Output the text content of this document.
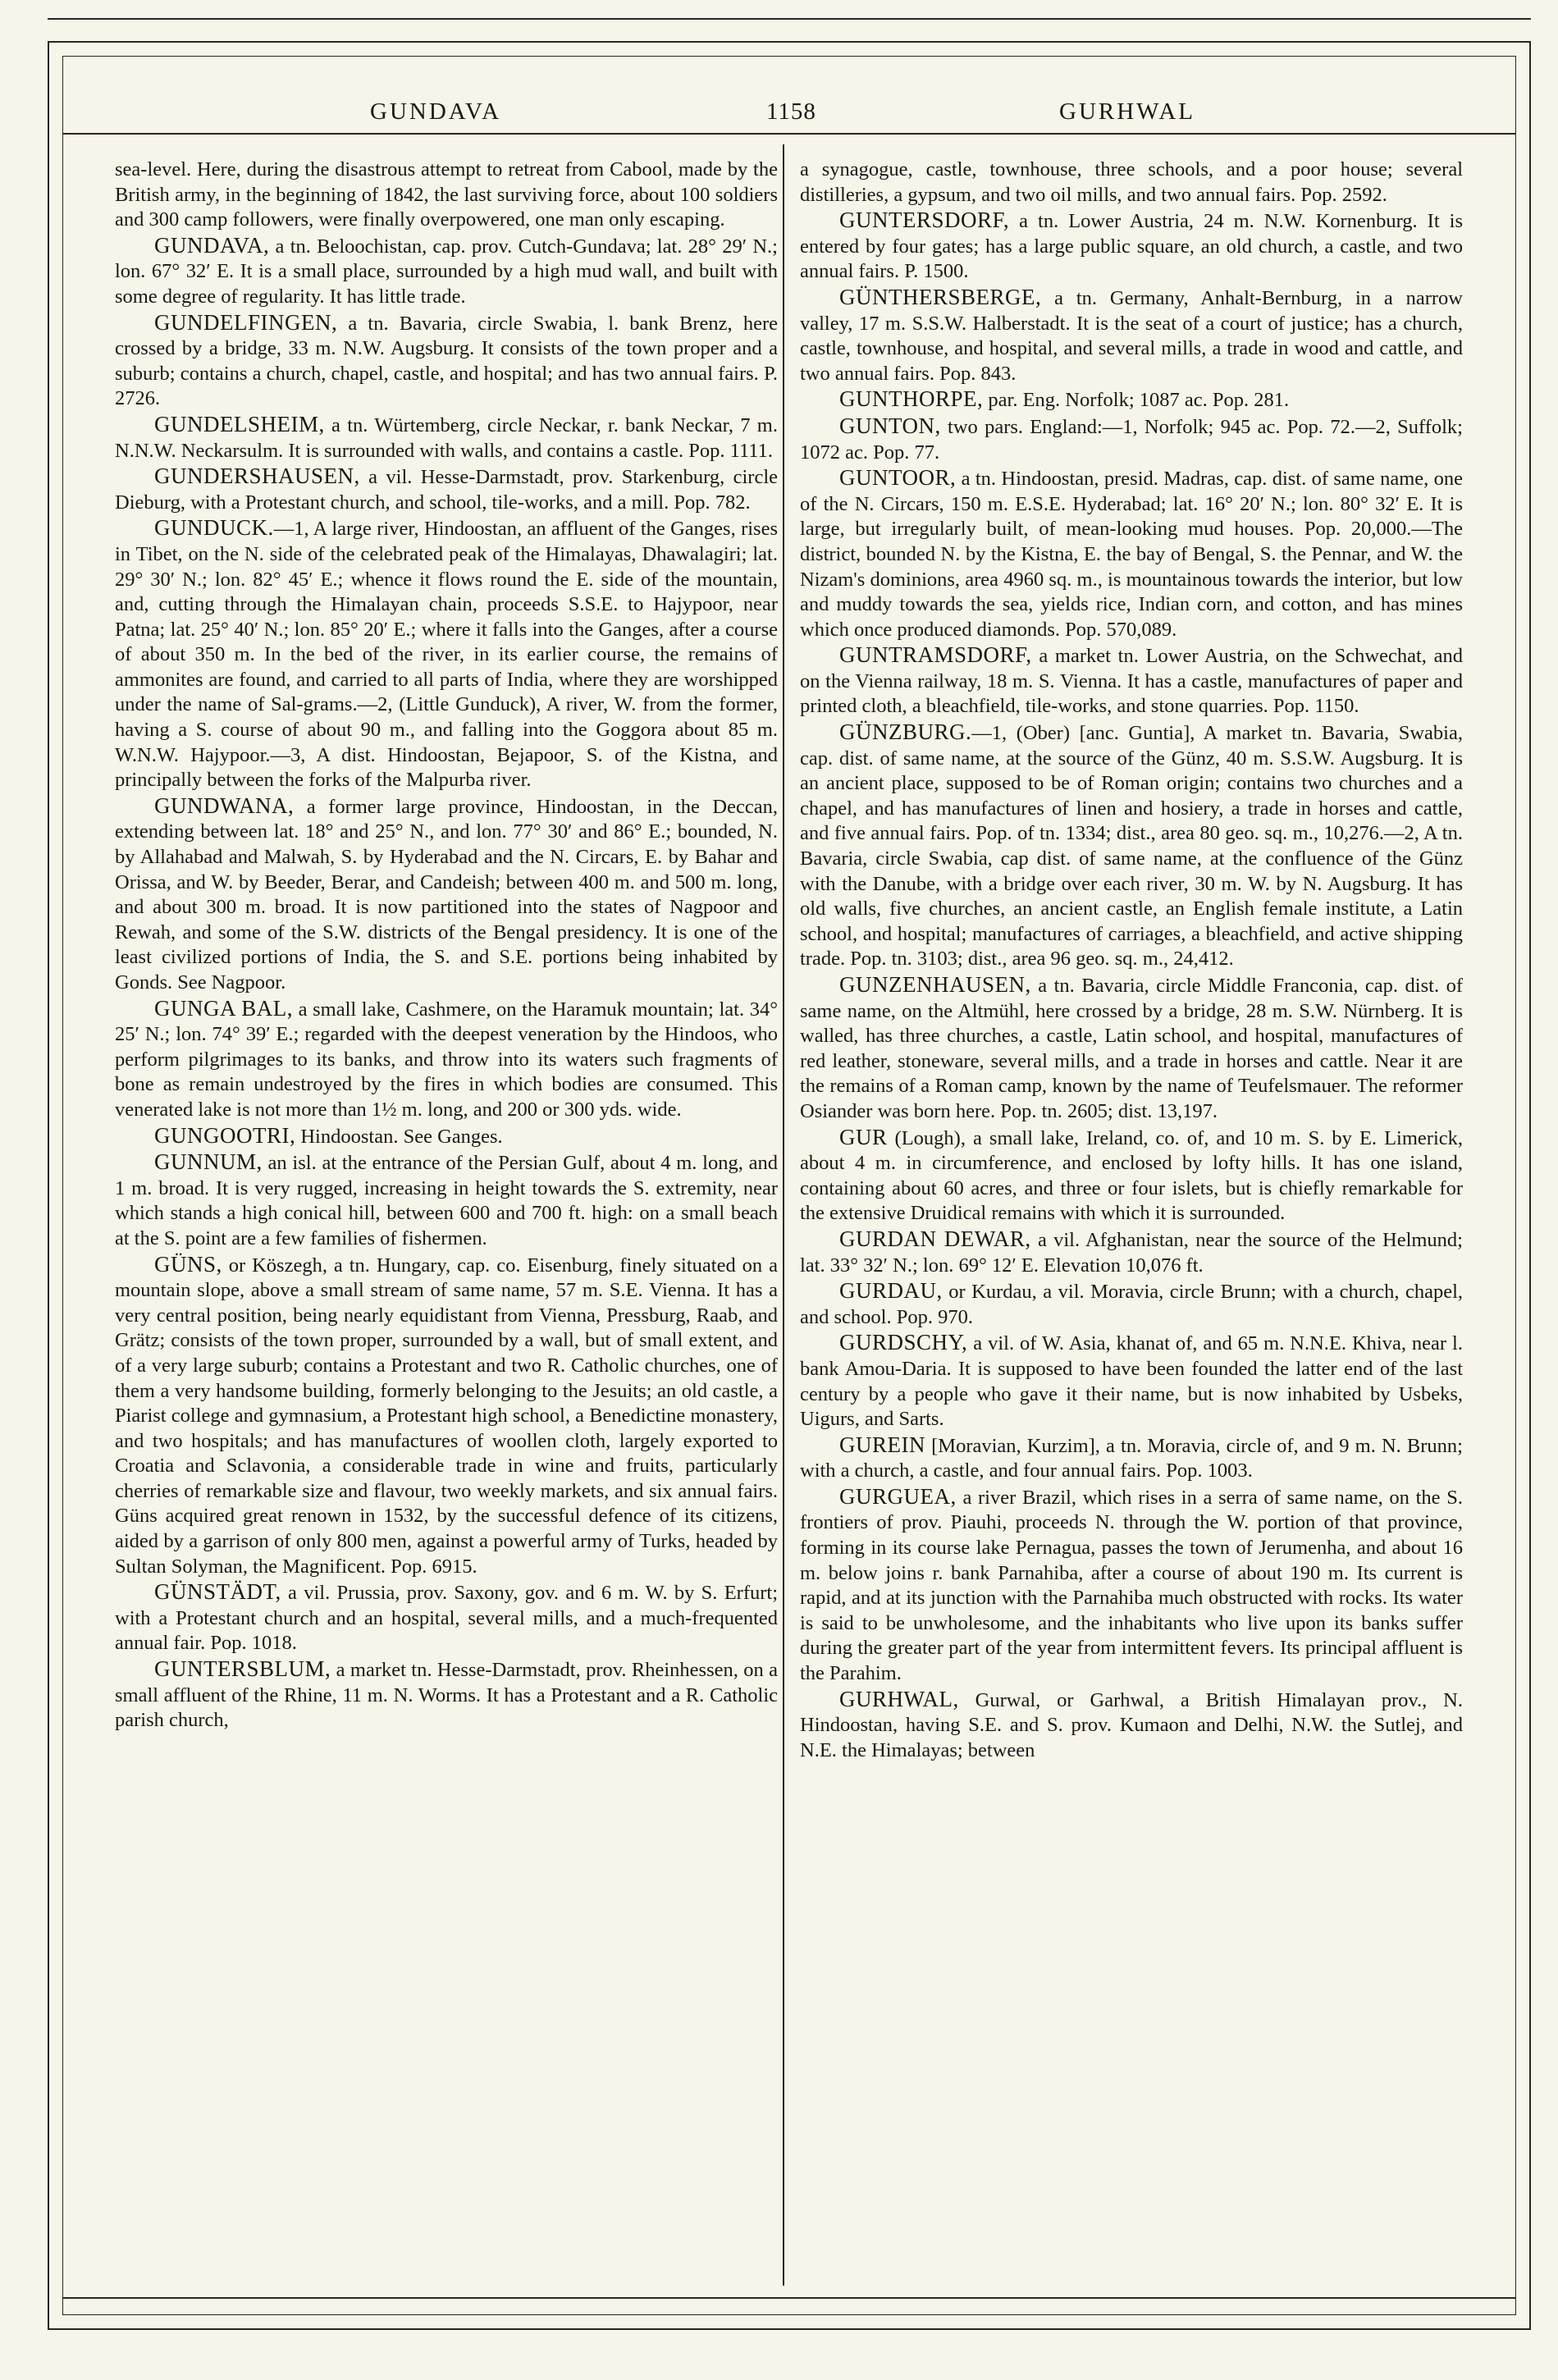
GUNDAVA	1158	GURHWAL

sea-level. Here, during the disastrous attempt to retreat from Cabool, made by the British army, in the beginning of 1842, the last surviving force, about 100 soldiers and 300 camp followers, were finally overpowered, one man only escaping.

GUNDAVA, a tn. Beloochistan, cap. prov. Cutch-Gundava; lat. 28° 29′ N.; lon. 67° 32′ E. It is a small place, surrounded by a high mud wall, and built with some degree of regularity. It has little trade.

GUNDELFINGEN, a tn. Bavaria, circle Swabia, l. bank Brenz, here crossed by a bridge, 33 m. N.W. Augsburg. It consists of the town proper and a suburb; contains a church, chapel, castle, and hospital; and has two annual fairs. P. 2726.

GUNDELSHEIM, a tn. Würtemberg, circle Neckar, r. bank Neckar, 7 m. N.N.W. Neckarsulm. It is surrounded with walls, and contains a castle. Pop. 1111.

GUNDERSHAUSEN, a vil. Hesse-Darmstadt, prov. Starkenburg, circle Dieburg, with a Protestant church, and school, tile-works, and a mill. Pop. 782.

GUNDUCK.—1, A large river, Hindoostan, an affluent of the Ganges, rises in Tibet, on the N. side of the celebrated peak of the Himalayas, Dhawalagiri; lat. 29° 30′ N.; lon. 82° 45′ E.; whence it flows round the E. side of the mountain, and, cutting through the Himalayan chain, proceeds S.S.E. to Hajypoor, near Patna; lat. 25° 40′ N.; lon. 85° 20′ E.; where it falls into the Ganges, after a course of about 350 m. In the bed of the river, in its earlier course, the remains of ammonites are found, and carried to all parts of India, where they are worshipped under the name of Sal-grams.—2, (Little Gunduck), A river, W. from the former, having a S. course of about 90 m., and falling into the Goggora about 85 m. W.N.W. Hajypoor.—3, A dist. Hindoostan, Bejapoor, S. of the Kistna, and principally between the forks of the Malpurba river.

GUNDWANA, a former large province, Hindoostan, in the Deccan, extending between lat. 18° and 25° N., and lon. 77° 30′ and 86° E.; bounded, N. by Allahabad and Malwah, S. by Hyderabad and the N. Circars, E. by Bahar and Orissa, and W. by Beeder, Berar, and Candeish; between 400 m. and 500 m. long, and about 300 m. broad. It is now partitioned into the states of Nagpoor and Rewah, and some of the S.W. districts of the Bengal presidency. It is one of the least civilized portions of India, the S. and S.E. portions being inhabited by Gonds. See Nagpoor.

GUNGA BAL, a small lake, Cashmere, on the Haramuk mountain; lat. 34° 25′ N.; lon. 74° 39′ E.; regarded with the deepest veneration by the Hindoos, who perform pilgrimages to its banks, and throw into its waters such fragments of bone as remain undestroyed by the fires in which bodies are consumed. This venerated lake is not more than 1½ m. long, and 200 or 300 yds. wide.

GUNGOOTRI, Hindoostan. See Ganges.

GUNNUM, an isl. at the entrance of the Persian Gulf, about 4 m. long, and 1 m. broad. It is very rugged, increasing in height towards the S. extremity, near which stands a high conical hill, between 600 and 700 ft. high: on a small beach at the S. point are a few families of fishermen.

GÜNS, or Köszegh, a tn. Hungary, cap. co. Eisenburg, finely situated on a mountain slope, above a small stream of same name, 57 m. S.E. Vienna. It has a very central position, being nearly equidistant from Vienna, Pressburg, Raab, and Grätz; consists of the town proper, surrounded by a wall, but of small extent, and of a very large suburb; contains a Protestant and two R. Catholic churches, one of them a very handsome building, formerly belonging to the Jesuits; an old castle, a Piarist college and gymnasium, a Protestant high school, a Benedictine monastery, and two hospitals; and has manufactures of woollen cloth, largely exported to Croatia and Sclavonia, a considerable trade in wine and fruits, particularly cherries of remarkable size and flavour, two weekly markets, and six annual fairs. Güns acquired great renown in 1532, by the successful defence of its citizens, aided by a garrison of only 800 men, against a powerful army of Turks, headed by Sultan Solyman, the Magnificent. Pop. 6915.

GÜNSTÄDT, a vil. Prussia, prov. Saxony, gov. and 6 m. W. by S. Erfurt; with a Protestant church and an hospital, several mills, and a much-frequented annual fair. Pop. 1018.

GUNTERSBLUM, a market tn. Hesse-Darmstadt, prov. Rheinhessen, on a small affluent of the Rhine, 11 m. N. Worms. It has a Protestant and a R. Catholic parish church,

a synagogue, castle, townhouse, three schools, and a poor house; several distilleries, a gypsum, and two oil mills, and two annual fairs. Pop. 2592.

GUNTERSDORF, a tn. Lower Austria, 24 m. N.W. Kornenburg. It is entered by four gates; has a large public square, an old church, a castle, and two annual fairs. P. 1500.

GÜNTHERSBERGE, a tn. Germany, Anhalt-Bernburg, in a narrow valley, 17 m. S.S.W. Halberstadt. It is the seat of a court of justice; has a church, castle, townhouse, and hospital, and several mills, a trade in wood and cattle, and two annual fairs. Pop. 843.

GUNTHORPE, par. Eng. Norfolk; 1087 ac. Pop. 281.

GUNTON, two pars. England:—1, Norfolk; 945 ac. Pop. 72.—2, Suffolk; 1072 ac. Pop. 77.

GUNTOOR, a tn. Hindoostan, presid. Madras, cap. dist. of same name, one of the N. Circars, 150 m. E.S.E. Hyderabad; lat. 16° 20′ N.; lon. 80° 32′ E. It is large, but irregularly built, of mean-looking mud houses. Pop. 20,000.—The district, bounded N. by the Kistna, E. the bay of Bengal, S. the Pennar, and W. the Nizam's dominions, area 4960 sq. m., is mountainous towards the interior, but low and muddy towards the sea, yields rice, Indian corn, and cotton, and has mines which once produced diamonds. Pop. 570,089.

GUNTRAMSDORF, a market tn. Lower Austria, on the Schwechat, and on the Vienna railway, 18 m. S. Vienna. It has a castle, manufactures of paper and printed cloth, a bleachfield, tile-works, and stone quarries. Pop. 1150.

GÜNZBURG.—1, (Ober) [anc. Guntia], A market tn. Bavaria, Swabia, cap. dist. of same name, at the source of the Günz, 40 m. S.S.W. Augsburg. It is an ancient place, supposed to be of Roman origin; contains two churches and a chapel, and has manufactures of linen and hosiery, a trade in horses and cattle, and five annual fairs. Pop. of tn. 1334; dist., area 80 geo. sq. m., 10,276.—2, A tn. Bavaria, circle Swabia, cap dist. of same name, at the confluence of the Günz with the Danube, with a bridge over each river, 30 m. W. by N. Augsburg. It has old walls, five churches, an ancient castle, an English female institute, a Latin school, and hospital; manufactures of carriages, a bleachfield, and active shipping trade. Pop. tn. 3103; dist., area 96 geo. sq. m., 24,412.

GUNZENHAUSEN, a tn. Bavaria, circle Middle Franconia, cap. dist. of same name, on the Altmühl, here crossed by a bridge, 28 m. S.W. Nürnberg. It is walled, has three churches, a castle, Latin school, and hospital, manufactures of red leather, stoneware, several mills, and a trade in horses and cattle. Near it are the remains of a Roman camp, known by the name of Teufelsmauer. The reformer Osiander was born here. Pop. tn. 2605; dist. 13,197.

GUR (Lough), a small lake, Ireland, co. of, and 10 m. S. by E. Limerick, about 4 m. in circumference, and enclosed by lofty hills. It has one island, containing about 60 acres, and three or four islets, but is chiefly remarkable for the extensive Druidical remains with which it is surrounded.

GURDAN DEWAR, a vil. Afghanistan, near the source of the Helmund; lat. 33° 32′ N.; lon. 69° 12′ E. Elevation 10,076 ft.

GURDAU, or Kurdau, a vil. Moravia, circle Brunn; with a church, chapel, and school. Pop. 970.

GURDSCHY, a vil. of W. Asia, khanat of, and 65 m. N.N.E. Khiva, near l. bank Amou-Daria. It is supposed to have been founded the latter end of the last century by a people who gave it their name, but is now inhabited by Usbeks, Uigurs, and Sarts.

GUREIN [Moravian, Kurzim], a tn. Moravia, circle of, and 9 m. N. Brunn; with a church, a castle, and four annual fairs. Pop. 1003.

GURGUEA, a river Brazil, which rises in a serra of same name, on the S. frontiers of prov. Piauhi, proceeds N. through the W. portion of that province, forming in its course lake Pernagua, passes the town of Jerumenha, and about 16 m. below joins r. bank Parnahiba, after a course of about 190 m. Its current is rapid, and at its junction with the Parnahiba much obstructed with rocks. Its water is said to be unwholesome, and the inhabitants who live upon its banks suffer during the greater part of the year from intermittent fevers. Its principal affluent is the Parahim.

GURHWAL, Gurwal, or Garhwal, a British Himalayan prov., N. Hindoostan, having S.E. and S. prov. Kumaon and Delhi, N.W. the Sutlej, and N.E. the Himalayas; between
